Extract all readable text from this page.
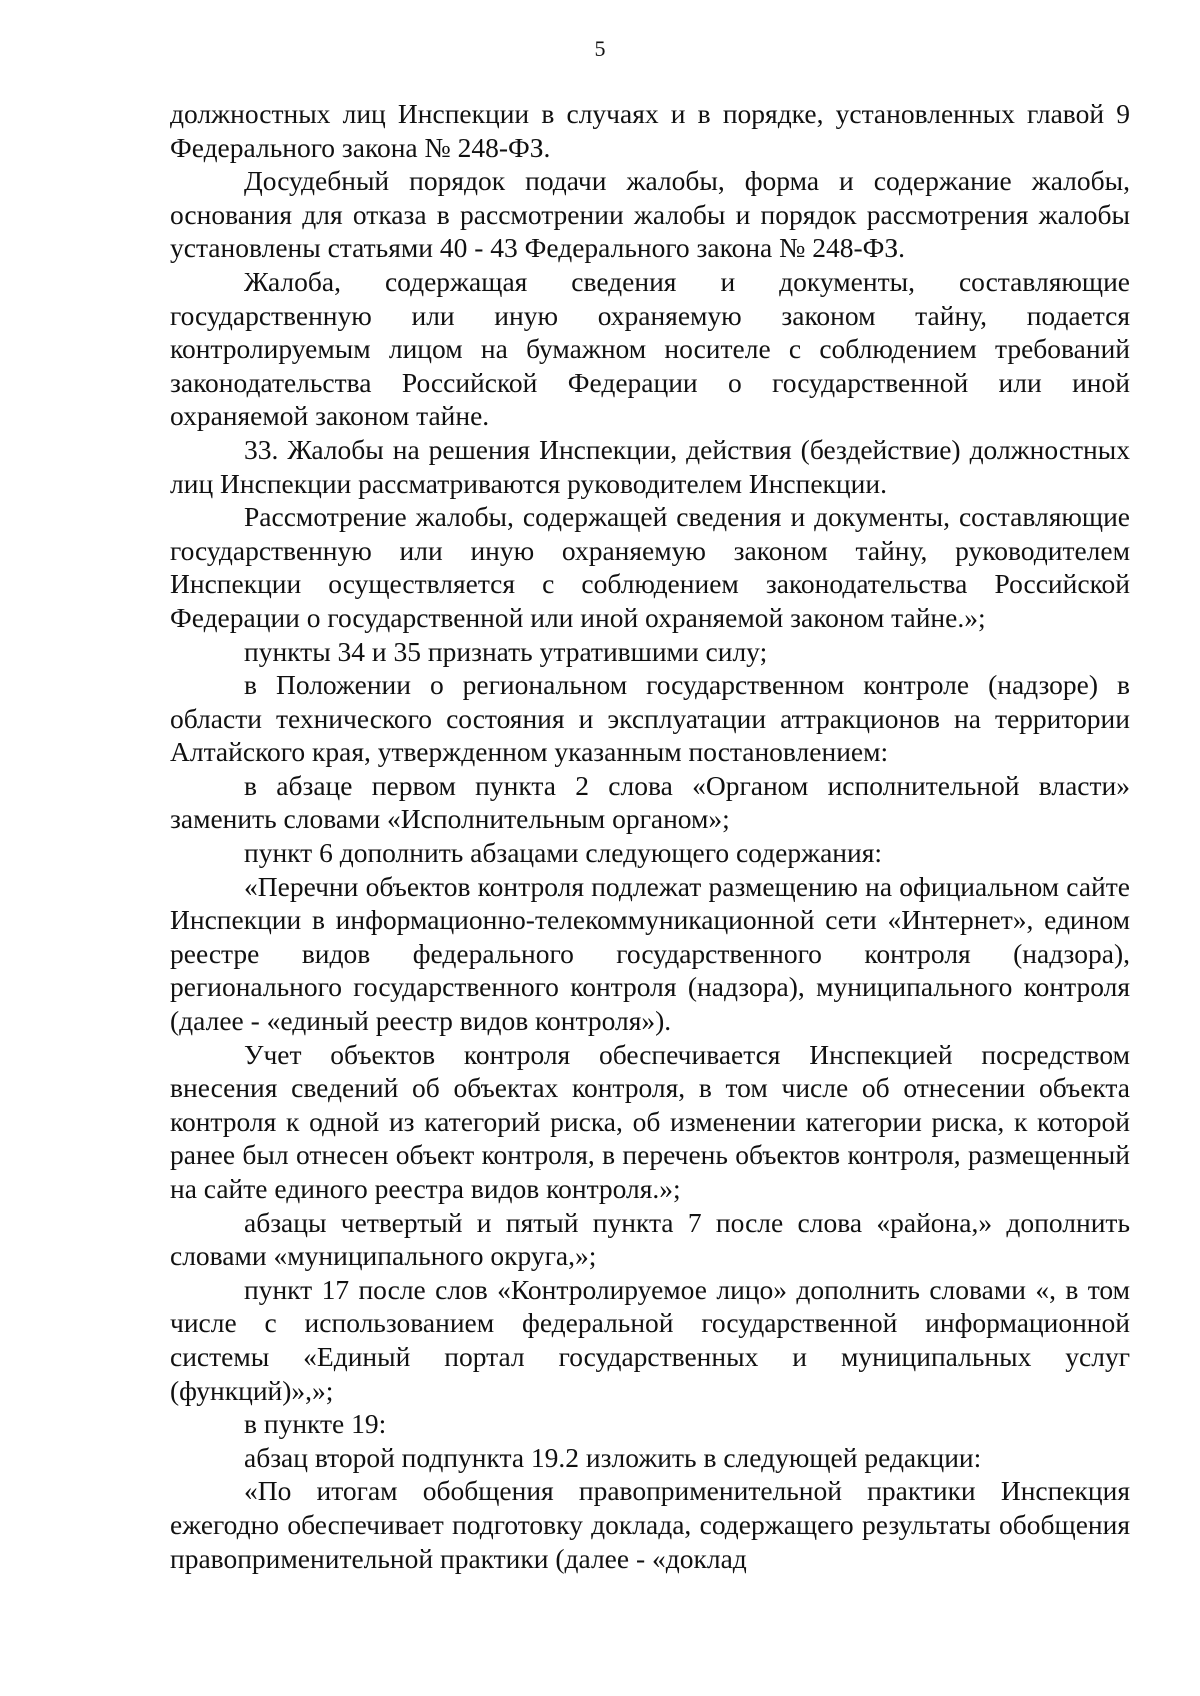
5

должностных лиц Инспекции в случаях и в порядке, установленных главой 9 Федерального закона № 248-ФЗ.

Досудебный порядок подачи жалобы, форма и содержание жалобы, основания для отказа в рассмотрении жалобы и порядок рассмотрения жалобы установлены статьями 40 - 43 Федерального закона № 248-ФЗ.

Жалоба, содержащая сведения и документы, составляющие государственную или иную охраняемую законом тайну, подается контролируемым лицом на бумажном носителе с соблюдением требований законодательства Российской Федерации о государственной или иной охраняемой законом тайне.

33. Жалобы на решения Инспекции, действия (бездействие) должностных лиц Инспекции рассматриваются руководителем Инспекции.

Рассмотрение жалобы, содержащей сведения и документы, составляющие государственную или иную охраняемую законом тайну, руководителем Инспекции осуществляется с соблюдением законодательства Российской Федерации о государственной или иной охраняемой законом тайне.»;

пункты 34 и 35 признать утратившими силу;

в Положении о региональном государственном контроле (надзоре) в области технического состояния и эксплуатации аттракционов на территории Алтайского края, утвержденном указанным постановлением:

в абзаце первом пункта 2 слова «Органом исполнительной власти» заменить словами «Исполнительным органом»;

пункт 6 дополнить абзацами следующего содержания:

«Перечни объектов контроля подлежат размещению на официальном сайте Инспекции в информационно-телекоммуникационной сети «Интернет», едином реестре видов федерального государственного контроля (надзора), регионального государственного контроля (надзора), муниципального контроля (далее - «единый реестр видов контроля»).

Учет объектов контроля обеспечивается Инспекцией посредством внесения сведений об объектах контроля, в том числе об отнесении объекта контроля к одной из категорий риска, об изменении категории риска, к которой ранее был отнесен объект контроля, в перечень объектов контроля, размещенный на сайте единого реестра видов контроля.»;

абзацы четвертый и пятый пункта 7 после слова «района,» дополнить словами «муниципального округа,»;

пункт 17 после слов «Контролируемое лицо» дополнить словами «, в том числе с использованием федеральной государственной информационной системы «Единый портал государственных и муниципальных услуг (функций)»,»;

в пункте 19:

абзац второй подпункта 19.2 изложить в следующей редакции:

«По итогам обобщения правоприменительной практики Инспекция ежегодно обеспечивает подготовку доклада, содержащего результаты обобщения правоприменительной практики (далее - «доклад
